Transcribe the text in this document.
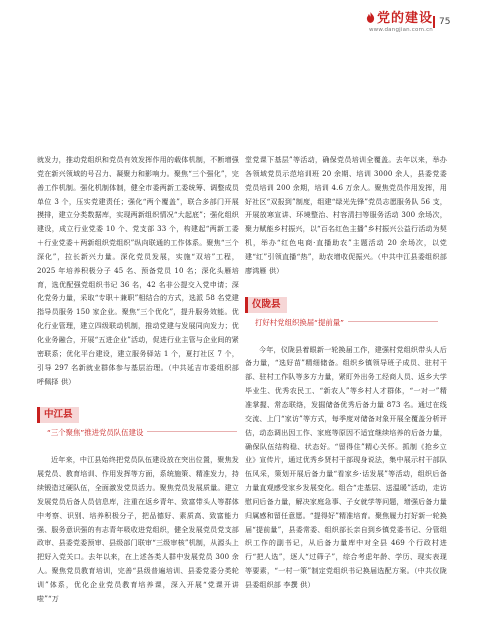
党的建设
www.dangjian.com.cn
75

就发力，推动党组织和党员有效发挥作用的载体机制，不断增强党在新兴领域的号召力、凝聚力和影响力。聚焦“三个强化”，完善工作机制。强化机制体制，健全市委两新工委统筹、调整成员单位 3 个，压实党建责任；强化“两个覆盖”，联合多部门开展摸排，建立分类数据库，实现两新组织情况“大起底”；强化组织建设，成立行业党委 10 个、党支部 33 个，构建起“两新工委＋行业党委＋两新组织党组织”纵向联通的工作体系。聚焦“三个深化”，拉长新兴力量。深化党员发展，实施“双培”工程，2025 年培养积极分子 45 名、预备党员 10 名；深化头雁培育，选优配强党组织书记 36 名，42 名非公提交入党申请；深化党务力量，采取“专职＋兼职”相结合的方式，选派 58 名党建指导员服务 150 家企业。聚焦“三个优化”，提升服务效能。优化行业管理，建立四级联动机制，推动党建与发展同向发力；优化业务融合，开展“五进企业”活动，促进行业主管与企业间的紧密联系；优化平台建设，建立服务驿站 1 个，夏打社区 7 个，引导 297 名新就业群体参与基层治理。（中共延吉市委组织部 呼佩择 供）

中江县
“三个聚焦”推进党员队伍建设

近年来，中江县始终把党员队伍建设放在突出位置，聚焦发展党员、教育培训、作用发挥等方面，系统施策、精准发力，持续锻造过硬队伍，全面激发党员活力。聚焦党员发展质量。建立发展党员后备人员信息库，注重在返乡青年、致富带头人等群体中考察、识别、培养积极分子，把品德好、素质高、致富能力强、服务意识强的有志青年吸收进党组织，健全发展党员党支部政审、县委党委预审、县级部门联审“三级审核”机制，从源头上把好入党关口。去年以来，在上述各类人群中发展党员 300 余人。聚焦党员教育培训，完善“县级普遍培训、县委党委分类轮训”体系，优化企业党员教育培养课，深入开展“党课开讲啦”“万

堂党课下基层”等活动，确保党员培训全覆盖。去年以来，举办各领域党员示范培训班 20 余期、培训 3000 余人，县委党委党员培训 200 余期，培训 4.6 万余人。聚焦党员作用发挥，用好社区“双报到”制度，组建“绿光先锋”党员志愿服务队 56 支，开展放寒宣讲、环境整治、村容清扫等服务活动 300 余场次，聚力赋能乡村振兴，以“百名红色主播”乡村振兴公益行活动为契机，举办“红色电商·直播助农”主题活动 20 余场次，以党建“红”引领直播“热”，助农增收促振兴。（中共中江县委组织部 廖鸿雁 供）

仪陇县
打好村党组织换届“提前量”

今年，仪陇县着眼新一轮换届工作，建强村党组织带头人后备力量，“选好苗”精细储备。组织乡镇领导班子成员、驻村干部、驻村工作队等多方力量，紧盯外出务工经商人员、返乡大学毕业生、优秀农民工、“新农人”等乡村人才群体，“一对一”精准掌握、常态联络，发掘储备优秀后备力量 873 名。通过在线交流、上门“家访”等方式，每季度对储备对象开展全覆盖分析评估，动态调出因工作、家庭等原因不适宜继续培养的后备力量，确保队伍结构稳、状态好。“留得住”精心关怀。抓制《抢乡立业》宣传片，通过优秀乡贤村干部现身说法，集中展示村干部队伍风采，策划开展后备力量“看家乡·话发展”等活动，组织后备力量直观感受家乡发展变化。组合“走基层、送温暖”活动，走访慰问后备力量，解决家庭急事、子女就学等问题，增强后备力量归属感和留任意愿。“提得好”精准培育。聚焦履力打好新一轮换届“提前量”，县委常委、组织部长亲自到乡镇党委书记、分管组织工作的副书记，从后备力量库中对全县 469 个行政村进行“把人选”，逐人“过筛子”，综合考虑年龄、学历、现实表现等要素，“一村一策”制定党组织书记换届选配方案。（中共仪陇县委组织部 李撰 供）
